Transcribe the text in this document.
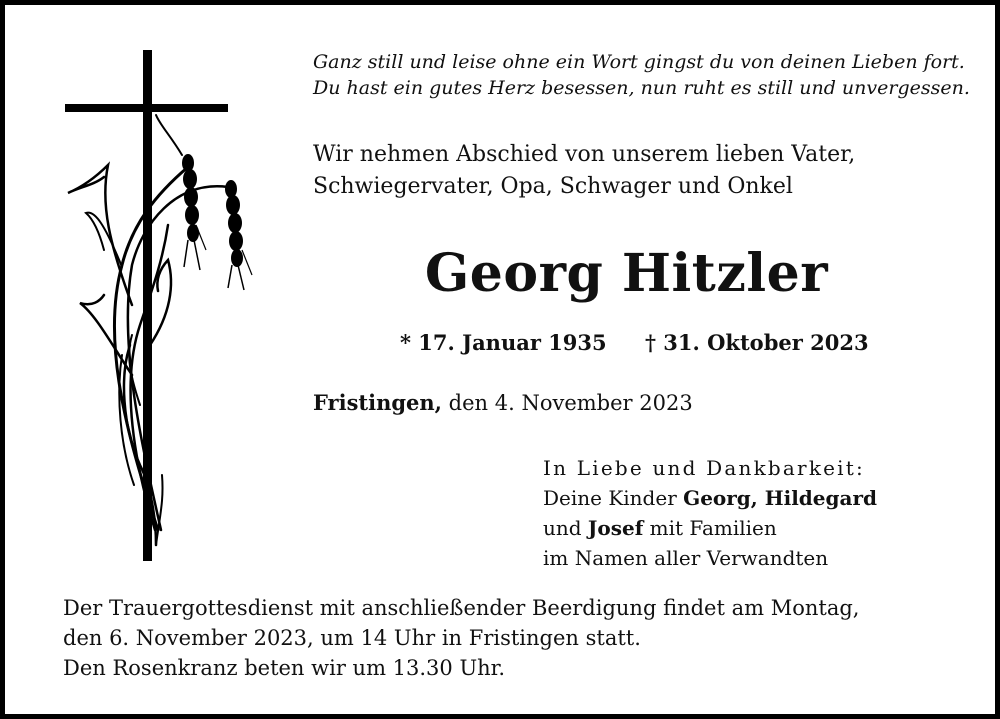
Ganz still und leise ohne ein Wort gingst du von deinen Lieben fort.
Du hast ein gutes Herz besessen, nun ruht es still und unvergessen.
Wir nehmen Abschied von unserem lieben Vater,
Schwiegervater, Opa, Schwager und Onkel
Georg Hitzler
* 17. Januar 1935 † 31. Oktober 2023
Fristingen, den 4. November 2023
In Liebe und Dankbarkeit:
Deine Kinder Georg, Hildegard
und Josef mit Familien
im Namen aller Verwandten
Der Trauergottesdienst mit anschließender Beerdigung findet am Montag,
den 6. November 2023, um 14 Uhr in Fristingen statt.
Den Rosenkranz beten wir um 13.30 Uhr.
